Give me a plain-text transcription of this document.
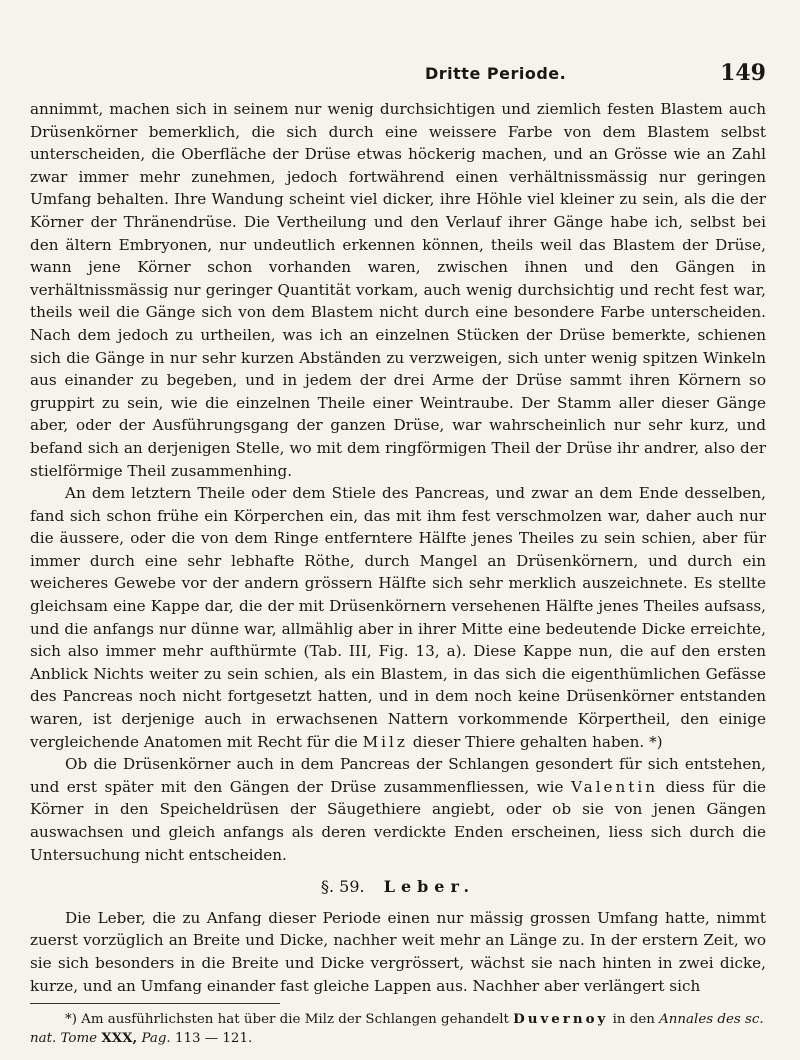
Dritte Periode.	149

annimmt, machen sich in seinem nur wenig durchsichtigen und ziemlich festen Blastem auch Drüsenkörner bemerklich, die sich durch eine weissere Farbe von dem Blastem selbst unterscheiden, die Oberfläche der Drüse etwas höckerig machen, und an Grösse wie an Zahl zwar immer mehr zunehmen, jedoch fortwährend einen verhältnissmässig nur geringen Umfang behalten. Ihre Wandung scheint viel dicker, ihre Höhle viel kleiner zu sein, als die der Körner der Thränendrüse. Die Vertheilung und den Verlauf ihrer Gänge habe ich, selbst bei den ältern Embryonen, nur undeutlich erkennen können, theils weil das Blastem der Drüse, wann jene Körner schon vorhanden waren, zwischen ihnen und den Gängen in verhältnissmässig nur geringer Quantität vorkam, auch wenig durchsichtig und recht fest war, theils weil die Gänge sich von dem Blastem nicht durch eine besondere Farbe unterscheiden. Nach dem jedoch zu urtheilen, was ich an einzelnen Stücken der Drüse bemerkte, schienen sich die Gänge in nur sehr kurzen Abständen zu verzweigen, sich unter wenig spitzen Winkeln aus einander zu begeben, und in jedem der drei Arme der Drüse sammt ihren Körnern so gruppirt zu sein, wie die einzelnen Theile einer Weintraube. Der Stamm aller dieser Gänge aber, oder der Ausführungsgang der ganzen Drüse, war wahrscheinlich nur sehr kurz, und befand sich an derjenigen Stelle, wo mit dem ringförmigen Theil der Drüse ihr andrer, also der stielförmige Theil zusammenhing.

An dem letztern Theile oder dem Stiele des Pancreas, und zwar an dem Ende desselben, fand sich schon frühe ein Körperchen ein, das mit ihm fest verschmolzen war, daher auch nur die äussere, oder die von dem Ringe entferntere Hälfte jenes Theiles zu sein schien, aber für immer durch eine sehr lebhafte Röthe, durch Mangel an Drüsenkörnern, und durch ein weicheres Gewebe vor der andern grössern Hälfte sich sehr merklich auszeichnete. Es stellte gleichsam eine Kappe dar, die der mit Drüsenkörnern versehenen Hälfte jenes Theiles aufsass, und die anfangs nur dünne war, allmählig aber in ihrer Mitte eine bedeutende Dicke erreichte, sich also immer mehr aufthürmte (Tab. III, Fig. 13, a). Diese Kappe nun, die auf den ersten Anblick Nichts weiter zu sein schien, als ein Blastem, in das sich die eigenthümlichen Gefässe des Pancreas noch nicht fortgesetzt hatten, und in dem noch keine Drüsenkörner entstanden waren, ist derjenige auch in erwachsenen Nattern vorkommende Körpertheil, den einige vergleichende Anatomen mit Recht für die Milz dieser Thiere gehalten haben. *)

Ob die Drüsenkörner auch in dem Pancreas der Schlangen gesondert für sich entstehen, und erst später mit den Gängen der Drüse zusammenfliessen, wie Valentin diess für die Körner in den Speicheldrüsen der Säugethiere angiebt, oder ob sie von jenen Gängen auswachsen und gleich anfangs als deren verdickte Enden erscheinen, liess sich durch die Untersuchung nicht entscheiden.

§. 59. Leber.

Die Leber, die zu Anfang dieser Periode einen nur mässig grossen Umfang hatte, nimmt zuerst vorzüglich an Breite und Dicke, nachher weit mehr an Länge zu. In der erstern Zeit, wo sie sich besonders in die Breite und Dicke vergrössert, wächst sie nach hinten in zwei dicke, kurze, und an Umfang einander fast gleiche Lappen aus. Nachher aber verlängert sich

*) Am ausführlichsten hat über die Milz der Schlangen gehandelt Duvernoy in den Annales des sc. nat. Tome XXX, Pag. 113 — 121.
